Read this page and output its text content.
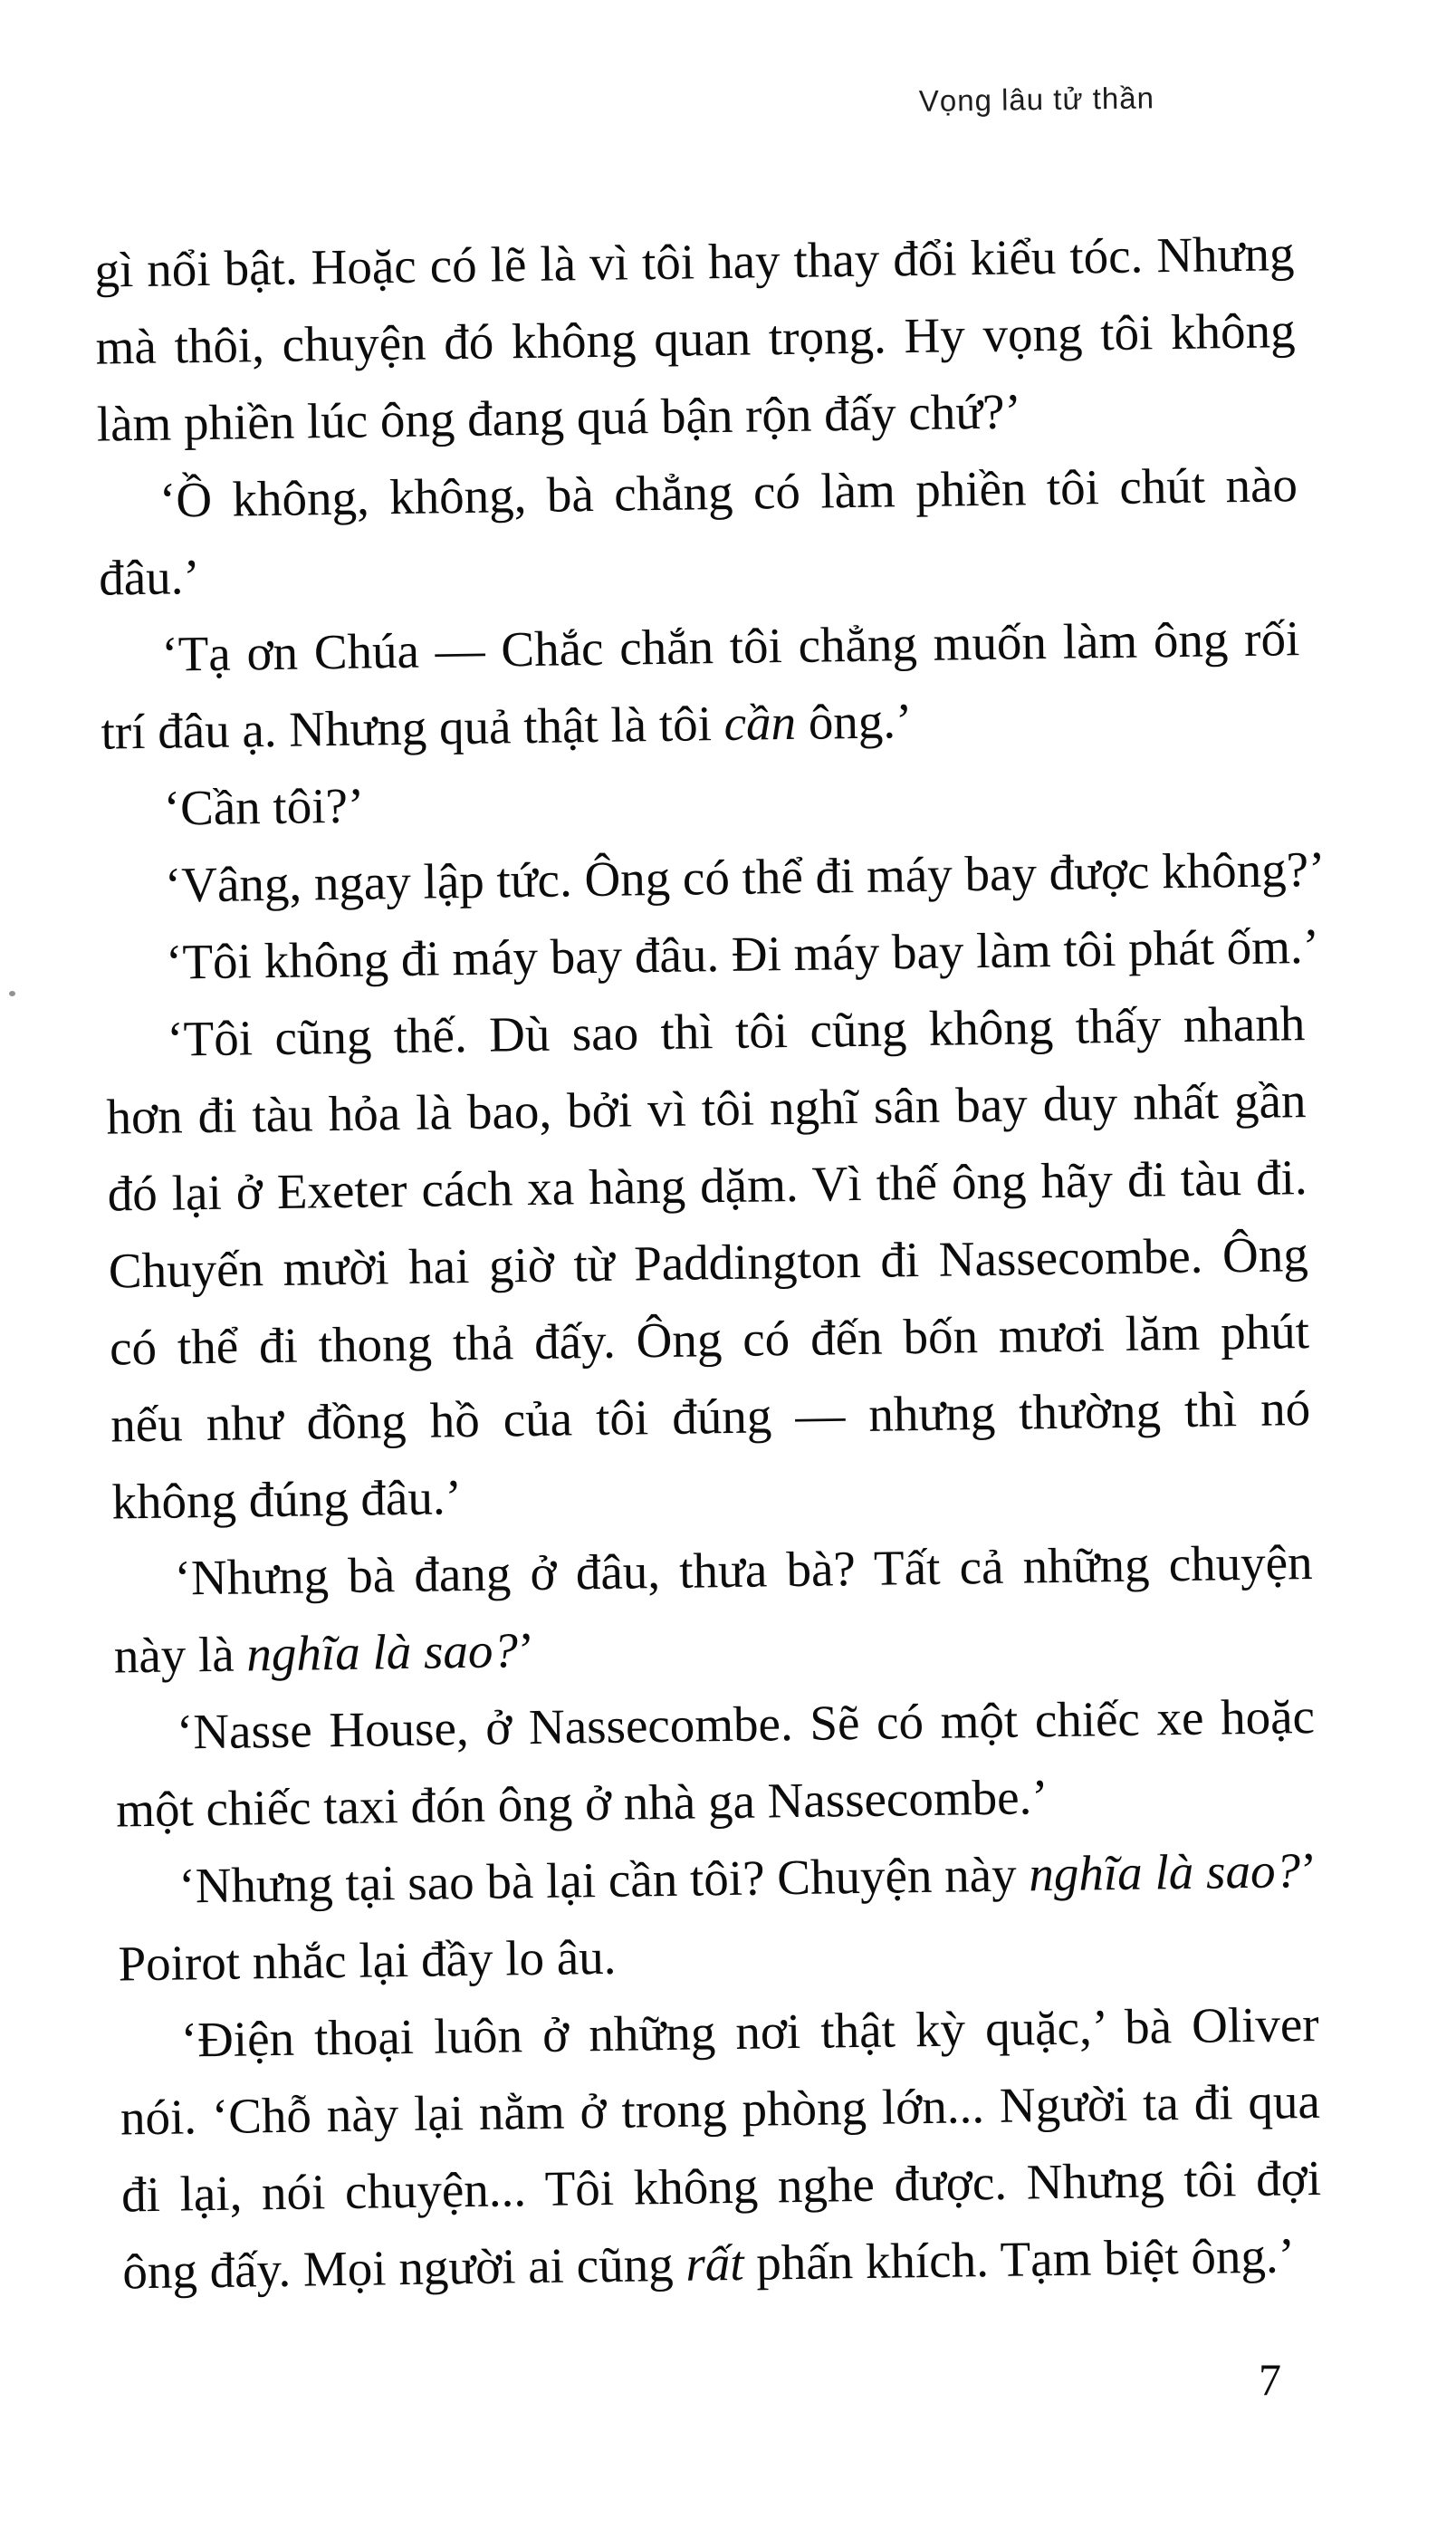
Vọng lâu tử thần
gì nổi bật. Hoặc có lẽ là vì tôi hay thay đổi kiểu tóc. Nhưng
mà thôi, chuyện đó không quan trọng. Hy vọng tôi không
làm phiền lúc ông đang quá bận rộn đấy chứ?’
‘Ồ không, không, bà chẳng có làm phiền tôi chút nào
đâu.’
‘Tạ ơn Chúa — Chắc chắn tôi chẳng muốn làm ông rối
trí đâu ạ. Nhưng quả thật là tôi cần ông.’
‘Cần tôi?’
‘Vâng, ngay lập tức. Ông có thể đi máy bay được không?’
‘Tôi không đi máy bay đâu. Đi máy bay làm tôi phát ốm.’
‘Tôi cũng thế. Dù sao thì tôi cũng không thấy nhanh
hơn đi tàu hỏa là bao, bởi vì tôi nghĩ sân bay duy nhất gần
đó lại ở Exeter cách xa hàng dặm. Vì thế ông hãy đi tàu đi.
Chuyến mười hai giờ từ Paddington đi Nassecombe. Ông
có thể đi thong thả đấy. Ông có đến bốn mươi lăm phút
nếu như đồng hồ của tôi đúng — nhưng thường thì nó
không đúng đâu.’
‘Nhưng bà đang ở đâu, thưa bà? Tất cả những chuyện
này là nghĩa là sao?’
‘Nasse House, ở Nassecombe. Sẽ có một chiếc xe hoặc
một chiếc taxi đón ông ở nhà ga Nassecombe.’
‘Nhưng tại sao bà lại cần tôi? Chuyện này nghĩa là sao?’
Poirot nhắc lại đầy lo âu.
‘Điện thoại luôn ở những nơi thật kỳ quặc,’ bà Oliver
nói. ‘Chỗ này lại nằm ở trong phòng lớn... Người ta đi qua
đi lại, nói chuyện... Tôi không nghe được. Nhưng tôi đợi
ông đấy. Mọi người ai cũng rất phấn khích. Tạm biệt ông.’
7
